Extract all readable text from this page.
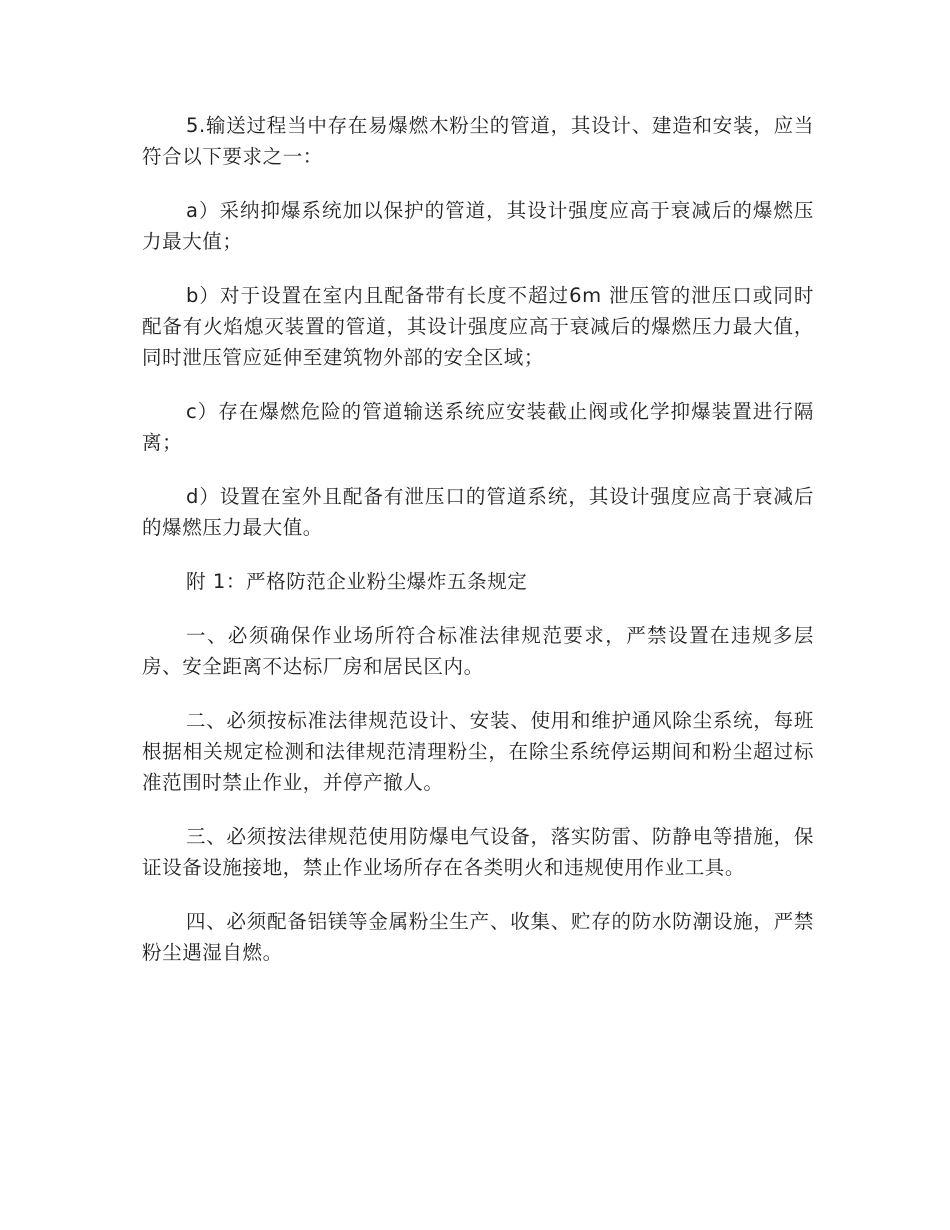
5.输送过程当中存在易爆燃木粉尘的管道，其设计、建造和安装，应当符合以下要求之一：

a）采纳抑爆系统加以保护的管道，其设计强度应高于衰减后的爆燃压力最大值；

b）对于设置在室内且配备带有长度不超过6m 泄压管的泄压口或同时配备有火焰熄灭装置的管道，其设计强度应高于衰减后的爆燃压力最大值，同时泄压管应延伸至建筑物外部的安全区域；

c）存在爆燃危险的管道输送系统应安装截止阀或化学抑爆装置进行隔离；

d）设置在室外且配备有泄压口的管道系统，其设计强度应高于衰减后的爆燃压力最大值。

附 1：严格防范企业粉尘爆炸五条规定

一、必须确保作业场所符合标准法律规范要求，严禁设置在违规多层房、安全距离不达标厂房和居民区内。

二、必须按标准法律规范设计、安装、使用和维护通风除尘系统，每班根据相关规定检测和法律规范清理粉尘，在除尘系统停运期间和粉尘超过标准范围时禁止作业，并停产撤人。

三、必须按法律规范使用防爆电气设备，落实防雷、防静电等措施，保证设备设施接地，禁止作业场所存在各类明火和违规使用作业工具。

四、必须配备铝镁等金属粉尘生产、收集、贮存的防水防潮设施，严禁粉尘遇湿自燃。
